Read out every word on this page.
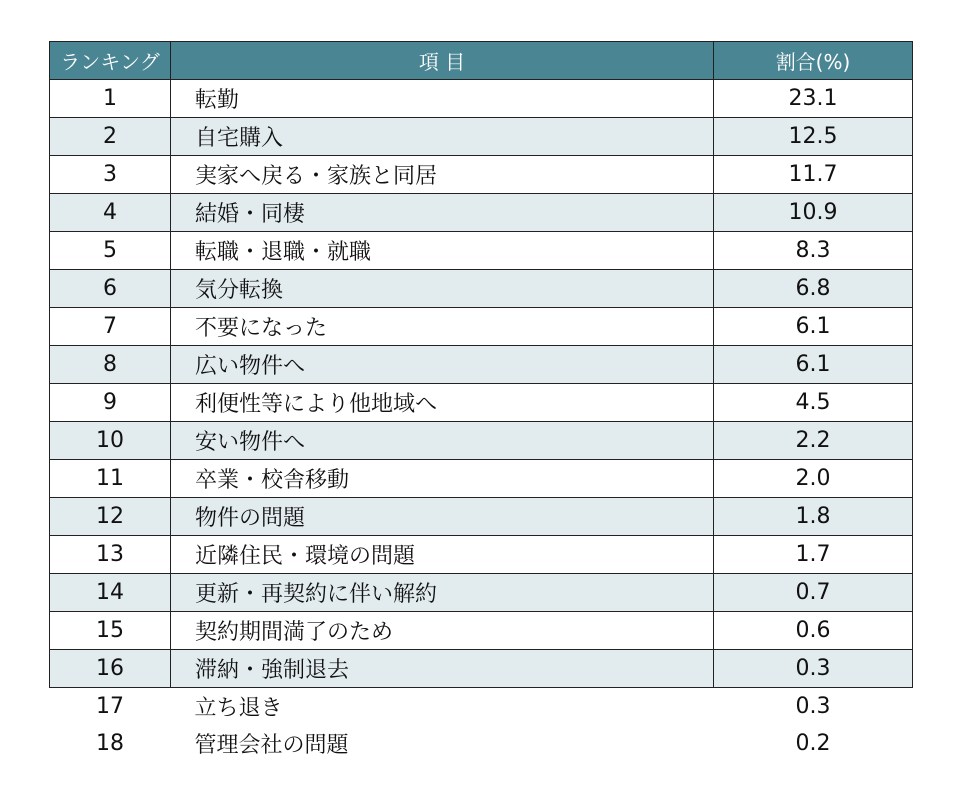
ランキング	項 目	割合(%)
1	転勤	23.1
2	自宅購入	12.5
3	実家へ戻る・家族と同居	11.7
4	結婚・同棲	10.9
5	転職・退職・就職	8.3
6	気分転換	6.8
7	不要になった	6.1
8	広い物件へ	6.1
9	利便性等により他地域へ	4.5
10	安い物件へ	2.2
11	卒業・校舎移動	2.0
12	物件の問題	1.8
13	近隣住民・環境の問題	1.7
14	更新・再契約に伴い解約	0.7
15	契約期間満了のため	0.6
16	滞納・強制退去	0.3
17	立ち退き	0.3
18	管理会社の問題	0.2
